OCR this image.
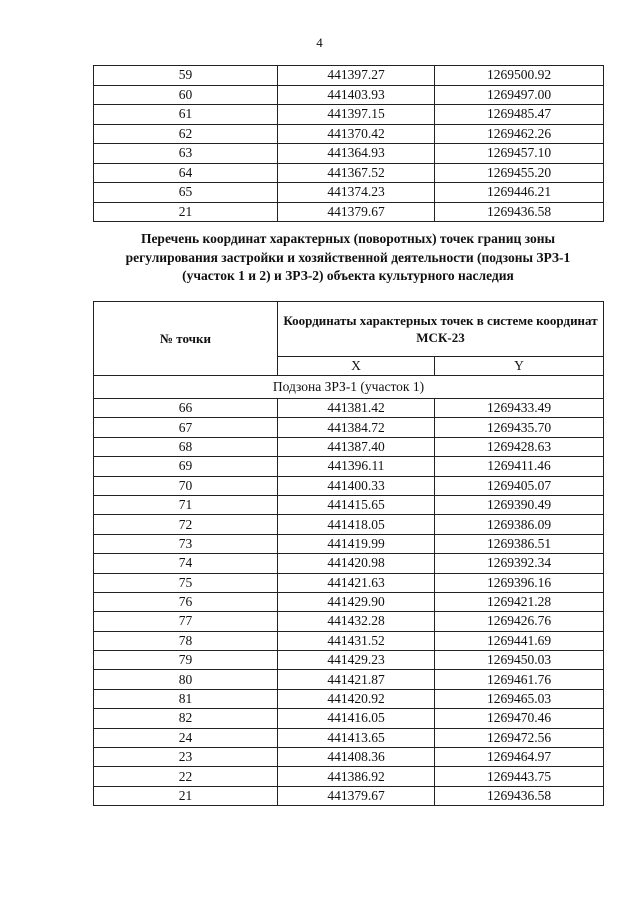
4
59	441397.27	1269500.92
60	441403.93	1269497.00
61	441397.15	1269485.47
62	441370.42	1269462.26
63	441364.93	1269457.10
64	441367.52	1269455.20
65	441374.23	1269446.21
21	441379.67	1269436.58
Перечень координат характерных (поворотных) точек границ зоны
регулирования застройки и хозяйственной деятельности (подзоны ЗРЗ-1
(участок 1 и 2) и ЗРЗ-2) объекта культурного наследия
№ точки	Координаты характерных точек в системе координат МСК-23	
	X	Y
Подзона ЗРЗ-1 (участок 1)		
66	441381.42	1269433.49
67	441384.72	1269435.70
68	441387.40	1269428.63
69	441396.11	1269411.46
70	441400.33	1269405.07
71	441415.65	1269390.49
72	441418.05	1269386.09
73	441419.99	1269386.51
74	441420.98	1269392.34
75	441421.63	1269396.16
76	441429.90	1269421.28
77	441432.28	1269426.76
78	441431.52	1269441.69
79	441429.23	1269450.03
80	441421.87	1269461.76
81	441420.92	1269465.03
82	441416.05	1269470.46
24	441413.65	1269472.56
23	441408.36	1269464.97
22	441386.92	1269443.75
21	441379.67	1269436.58
